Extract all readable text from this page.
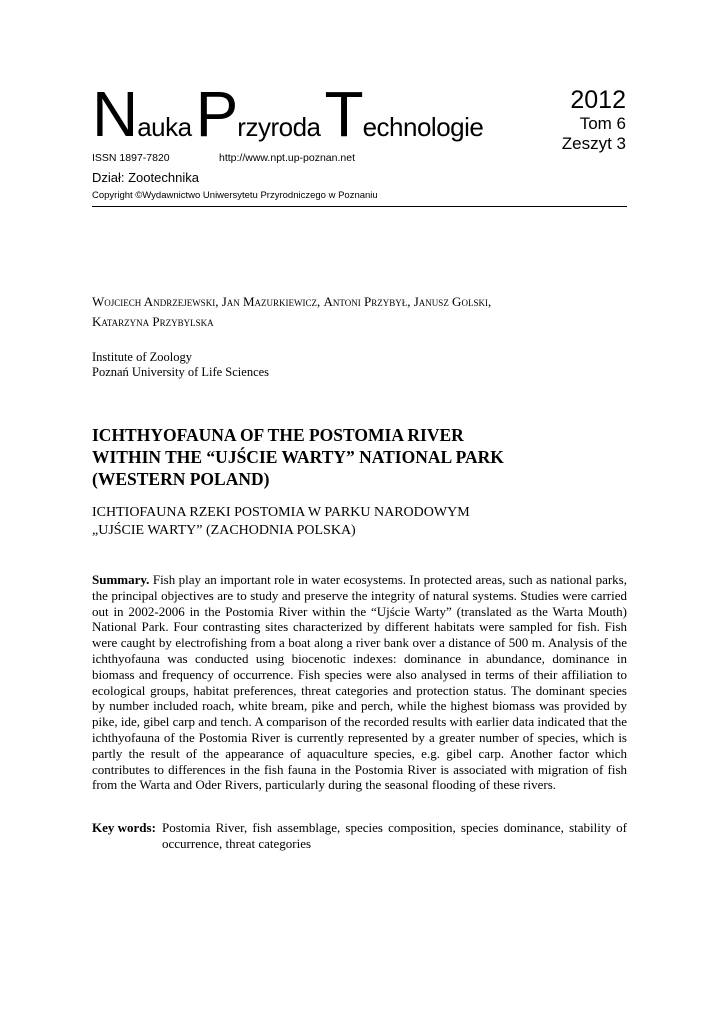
NaukaPrzyrodaTechnologie
2012
Tom 6
Zeszyt 3
ISSN 1897-7820	http://www.npt.up-poznan.net
Dział: Zootechnika
Copyright ©Wydawnictwo Uniwersytetu Przyrodniczego w Poznaniu
Wojciech Andrzejewski, Jan Mazurkiewicz, Antoni Przybył, Janusz Golski,
Katarzyna Przybylska
Institute of Zoology
Poznań University of Life Sciences
ICHTHYOFAUNA OF THE POSTOMIA RIVER
WITHIN THE “UJŚCIE WARTY” NATIONAL PARK
(WESTERN POLAND)
ICHTIOFAUNA RZEKI POSTOMIA W PARKU NARODOWYM
„UJŚCIE WARTY” (ZACHODNIA POLSKA)
Summary. Fish play an important role in water ecosystems. In protected areas, such as national parks, the principal objectives are to study and preserve the integrity of natural systems. Studies were carried out in 2002-2006 in the Postomia River within the “Ujście Warty” (translated as the Warta Mouth) National Park. Four contrasting sites characterized by different habitats were sampled for fish. Fish were caught by electrofishing from a boat along a river bank over a distance of 500 m. Analysis of the ichthyofauna was conducted using biocenotic indexes: dominance in abundance, dominance in biomass and frequency of occurrence. Fish species were also analysed in terms of their affiliation to ecological groups, habitat preferences, threat categories and protection status. The dominant species by number included roach, white bream, pike and perch, while the highest biomass was provided by pike, ide, gibel carp and tench. A comparison of the recorded results with earlier data indicated that the ichthyofauna of the Postomia River is currently represented by a greater number of species, which is partly the result of the appearance of aquaculture species, e.g. gibel carp. Another factor which contributes to differences in the fish fauna in the Postomia River is associated with migration of fish from the Warta and Oder Rivers, particularly during the seasonal flooding of these rivers.
Key words: Postomia River, fish assemblage, species composition, species dominance, stability of occurrence, threat categories
